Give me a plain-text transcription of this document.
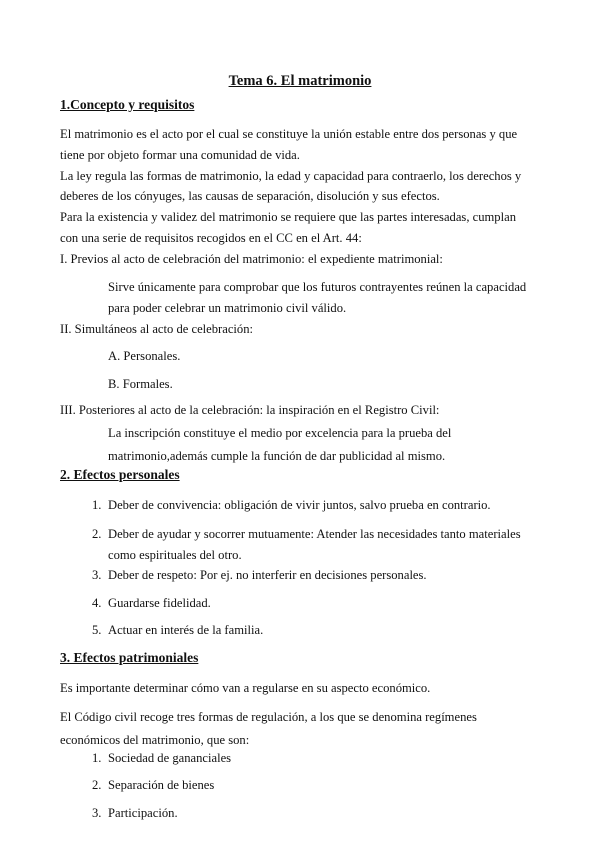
Tema 6. El matrimonio
1.Concepto y requisitos
El matrimonio es el acto por el cual se constituye la unión estable entre dos personas y que
tiene por objeto formar una comunidad de vida.
La ley regula las formas de matrimonio, la edad y capacidad para contraerlo, los derechos y
deberes de los cónyuges, las causas de separación, disolución y sus efectos.
Para la existencia y validez del matrimonio se requiere que las partes interesadas, cumplan
con una serie de requisitos recogidos en el CC en el Art. 44:
I. Previos al acto de celebración del matrimonio: el expediente matrimonial:
Sirve únicamente para comprobar que los futuros contrayentes reúnen la capacidad
para poder celebrar un matrimonio civil válido.
II. Simultáneos al acto de celebración:
A. Personales.
B. Formales.
III. Posteriores al acto de la celebración: la inspiración en el Registro Civil:
La inscripción constituye el medio por excelencia para la prueba del
matrimonio,además cumple la función de dar publicidad al mismo.
2. Efectos personales
1. Deber de convivencia: obligación de vivir juntos, salvo prueba en contrario.
2. Deber de ayudar y socorrer mutuamente: Atender las necesidades tanto materiales
como espirituales del otro.
3. Deber de respeto: Por ej. no interferir en decisiones personales.
4. Guardarse fidelidad.
5. Actuar en interés de la familia.
3. Efectos patrimoniales
Es importante determinar cómo van a regularse en su aspecto económico.
El Código civil recoge tres formas de regulación, a los que se denomina regímenes
económicos del matrimonio, que son:
1. Sociedad de gananciales
2. Separación de bienes
3. Participación.
